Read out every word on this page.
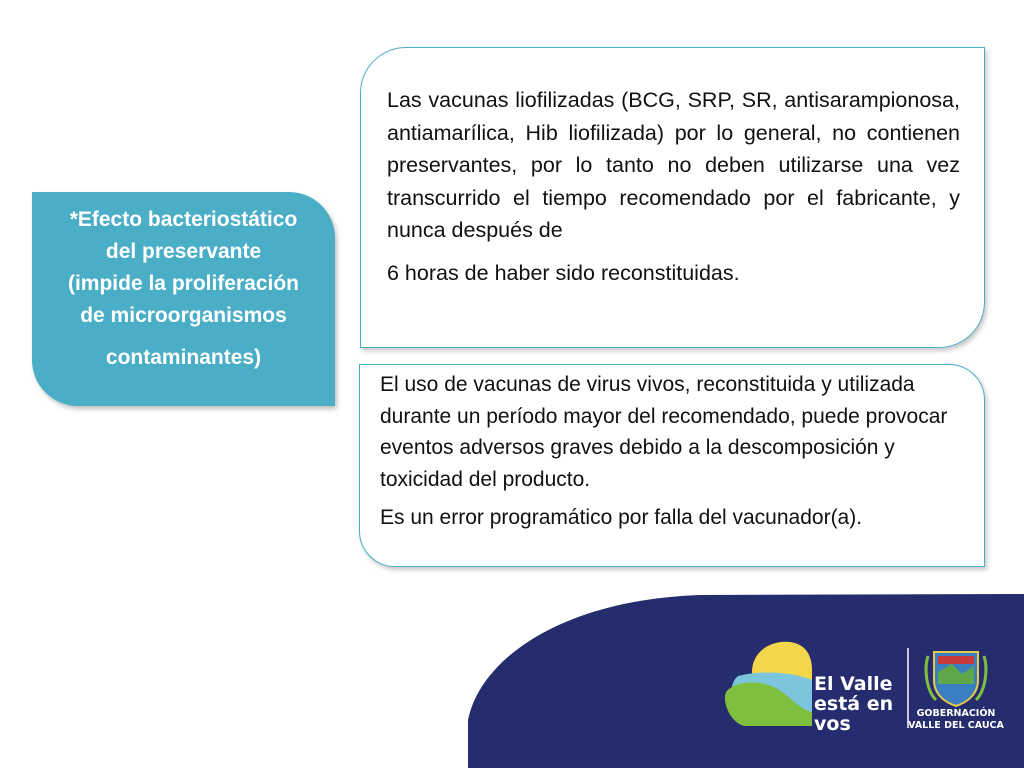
*Efecto bacteriostático
del preservante
(impide la proliferación
de microorganismos
contaminantes)
Las vacunas liofilizadas (BCG, SRP, SR, antisarampionosa, antiamarílica, Hib liofilizada) por lo general, no contienen preservantes, por lo tanto no deben utilizarse una vez transcurrido el tiempo recomendado por el fabricante, y nunca después de
6 horas de haber sido reconstituidas.

El uso de vacunas de virus vivos, reconstituida y utilizada durante un período mayor del recomendado, puede provocar eventos adversos graves debido a la descomposición y toxicidad del producto.

Es un error programático por falla del vacunador(a).

El Valle
está en
vos	GOBERNACIÓN
VALLE DEL CAUCA
